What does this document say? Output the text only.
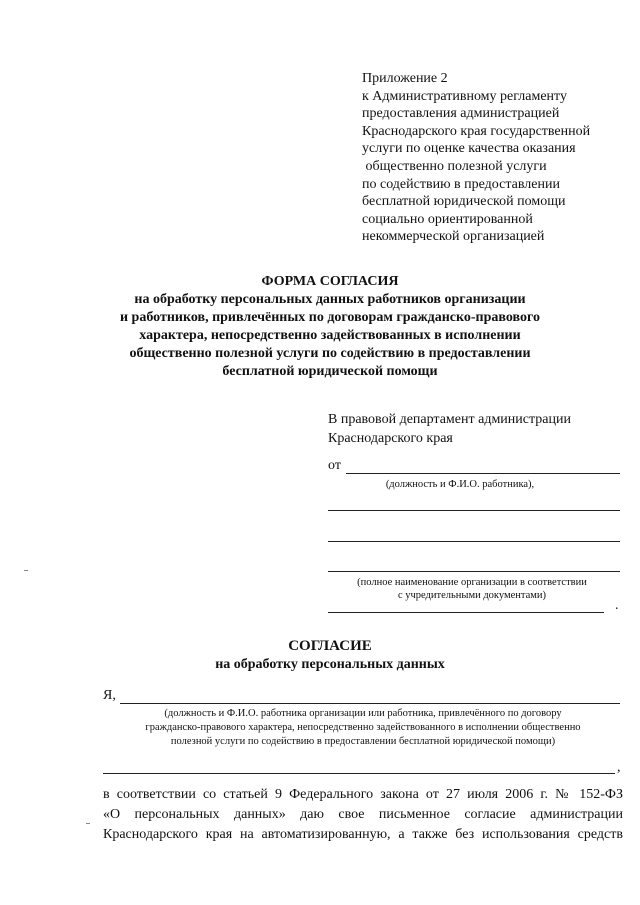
Приложение 2
к Административному регламенту
предоставления администрацией
Краснодарского края государственной
услуги по оценке качества оказания
общественно полезной услуги
по содействию в предоставлении
бесплатной юридической помощи
социально ориентированной
некоммерческой организацией
ФОРМА СОГЛАСИЯ
на обработку персональных данных работников организации
и работников, привлечённых по договорам гражданско-правового
характера, непосредственно задействованных в исполнении
общественно полезной услуги по содействию в предоставлении
бесплатной юридической помощи
В правовой департамент администрации
Краснодарского края
от
(должность и Ф.И.О. работника),
(полное наименование организации в соответствии
с учредительными документами)
.
СОГЛАСИЕ
на обработку персональных данных
Я,
(должность и Ф.И.О. работника организации или работника, привлечённого по договору
гражданско-правового характера, непосредственно задействованного в исполнении общественно
полезной услуги по содействию в предоставлении бесплатной юридической помощи)
,
в соответствии со статьей 9 Федерального закона от 27 июля 2006 г. № 152-ФЗ
«О персональных данных» даю свое письменное согласие администрации
Краснодарского края на автоматизированную, а также без использования средств
